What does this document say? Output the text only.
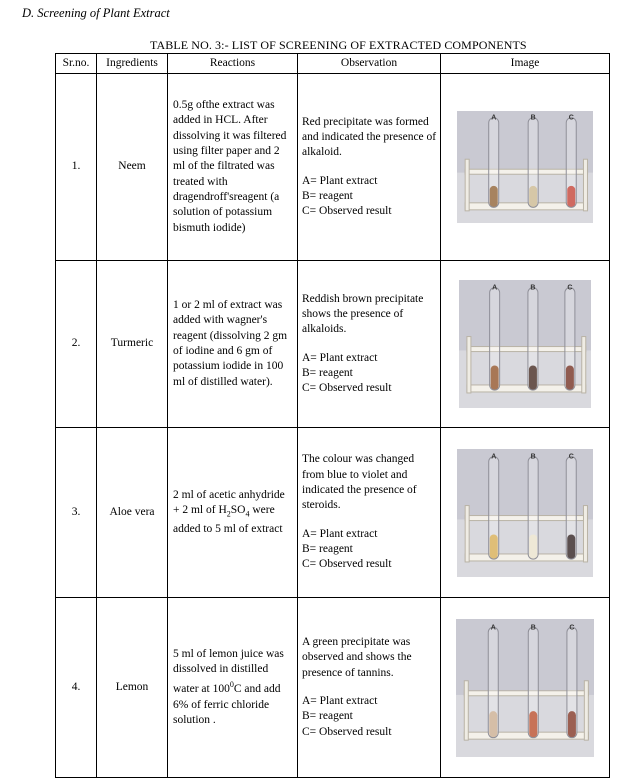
D. Screening of Plant Extract
TABLE NO. 3:- LIST OF SCREENING OF EXTRACTED COMPONENTS
Sr.no.	Ingredients	Reactions	Observation	Image
1.	Neem	0.5g ofthe extract was added in HCL. After dissolving it was filtered using filter paper and 2 ml of the filtrated was treated with dragendroff'sreagent (a solution of potassium bismuth iodide)	Red precipitate was formed and indicated the presence of alkaloid.
A= Plant extract
B= reagent
C= Observed result	A B C

2.	Turmeric	1 or 2 ml of extract was added with wagner's reagent (dissolving 2 gm of iodine and 6 gm of potassium iodide in 100 ml of distilled water).	Reddish brown precipitate shows the presence of alkaloids.
A= Plant extract
B= reagent
C= Observed result	A B C

3.	Aloe vera	2 ml of acetic anhydride + 2 ml of $H_2SO_4$ were added to 5 ml of extract	The colour was changed from blue to violet and indicated the presence of steroids.
A= Plant extract
B= reagent
C= Observed result	A B C

4.	Lemon	5 ml of lemon juice was dissolved in distilled water at $100^0C$ and add 6% of ferric chloride solution .	A green precipitate was observed and shows the presence of tannins.
A= Plant extract
B= reagent
C= Observed result	A B C
